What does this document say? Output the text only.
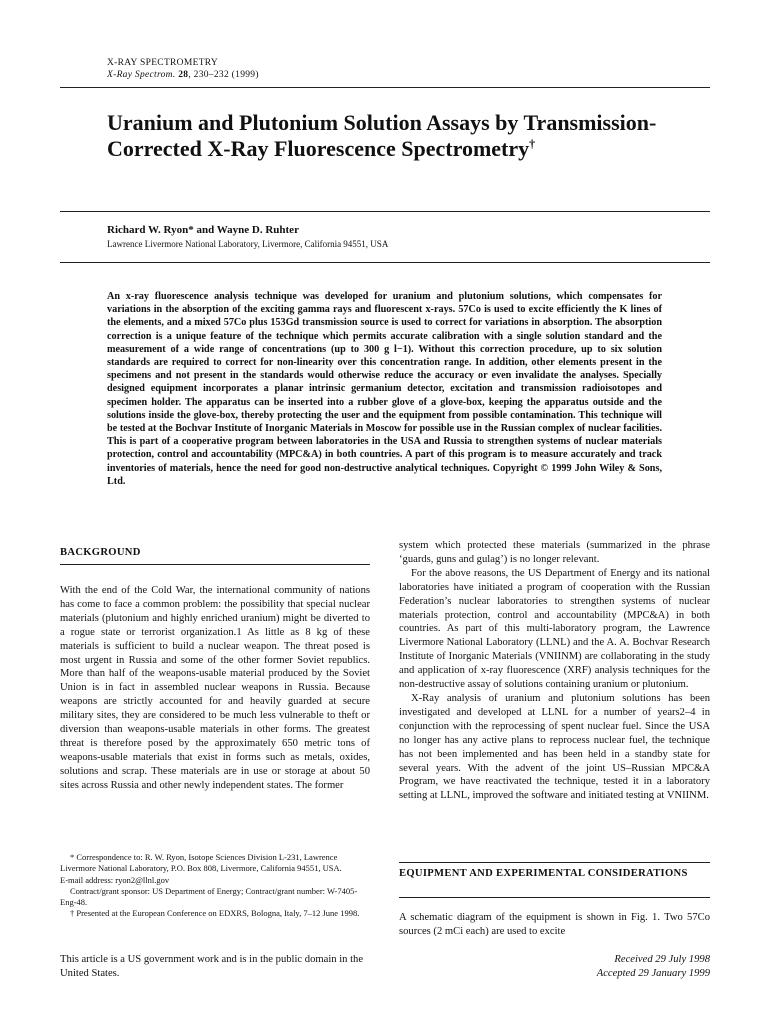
X-RAY SPECTROMETRY
X-Ray Spectrom. 28, 230–232 (1999)
Uranium and Plutonium Solution Assays by Transmission-Corrected X-Ray Fluorescence Spectrometry†
Richard W. Ryon* and Wayne D. Ruhter
Lawrence Livermore National Laboratory, Livermore, California 94551, USA
An x-ray fluorescence analysis technique was developed for uranium and plutonium solutions, which compensates for variations in the absorption of the exciting gamma rays and fluorescent x-rays. 57Co is used to excite efficiently the K lines of the elements, and a mixed 57Co plus 153Gd transmission source is used to correct for variations in absorption. The absorption correction is a unique feature of the technique which permits accurate calibration with a single solution standard and the measurement of a wide range of concentrations (up to 300 g l−1). Without this correction procedure, up to six solution standards are required to correct for non-linearity over this concentration range. In addition, other elements present in the specimens and not present in the standards would otherwise reduce the accuracy or even invalidate the analyses. Specially designed equipment incorporates a planar intrinsic germanium detector, excitation and transmission radioisotopes and specimen holder. The apparatus can be inserted into a rubber glove of a glove-box, keeping the apparatus outside and the solutions inside the glove-box, thereby protecting the user and the equipment from possible contamination. This technique will be tested at the Bochvar Institute of Inorganic Materials in Moscow for possible use in the Russian complex of nuclear facilities. This is part of a cooperative program between laboratories in the USA and Russia to strengthen systems of nuclear materials protection, control and accountability (MPC&A) in both countries. A part of this program is to measure accurately and track inventories of materials, hence the need for good non-destructive analytical techniques. Copyright © 1999 John Wiley & Sons, Ltd.
BACKGROUND

With the end of the Cold War, the international community of nations has come to face a common problem: the possibility that special nuclear materials (plutonium and highly enriched uranium) might be diverted to a rogue state or terrorist organization.1 As little as 8 kg of these materials is sufficient to build a nuclear weapon. The threat posed is most urgent in Russia and some of the other former Soviet republics. More than half of the weapons-usable material produced by the Soviet Union is in fact in assembled nuclear weapons in Russia. Because weapons are strictly accounted for and heavily guarded at secure military sites, they are considered to be much less vulnerable to theft or diversion than weapons-usable materials in other forms. The greatest threat is therefore posed by the approximately 650 metric tons of weapons-usable materials that exist in forms such as metals, oxides, solutions and scrap. These materials are in use or storage at about 50 sites across Russia and other newly independent states. The former

* Correspondence to: R. W. Ryon, Isotope Sciences Division L-231, Lawrence Livermore National Laboratory, P.O. Box 808, Livermore, California 94551, USA.

E-mail address: ryon2@llnl.gov

Contract/grant sponsor: US Department of Energy; Contract/grant number: W-7405-Eng-48.

† Presented at the European Conference on EDXRS, Bologna, Italy, 7–12 June 1998.

This article is a US government work and is in the public domain in the United States.

system which protected these materials (summarized in the phrase ‘guards, guns and gulag’) is no longer relevant.

For the above reasons, the US Department of Energy and its national laboratories have initiated a program of cooperation with the Russian Federation’s nuclear laboratories to strengthen systems of nuclear materials protection, control and accountability (MPC&A) in both countries. As part of this multi-laboratory program, the Lawrence Livermore National Laboratory (LLNL) and the A. A. Bochvar Research Institute of Inorganic Materials (VNIINM) are collaborating in the study and application of x-ray fluorescence (XRF) analysis techniques for the non-destructive assay of solutions containing uranium or plutonium.

X-Ray analysis of uranium and plutonium solutions has been investigated and developed at LLNL for a number of years2–4 in conjunction with the reprocessing of spent nuclear fuel. Since the USA no longer has any active plans to reprocess nuclear fuel, the technique has not been implemented and has been held in a standby state for several years. With the advent of the joint US–Russian MPC&A Program, we have reactivated the technique, tested it in a laboratory setting at LLNL, improved the software and initiated testing at VNIINM.

EQUIPMENT AND EXPERIMENTAL CONSIDERATIONS

A schematic diagram of the equipment is shown in Fig. 1. Two 57Co sources (2 mCi each) are used to excite

Received 29 July 1998
Accepted 29 January 1999
